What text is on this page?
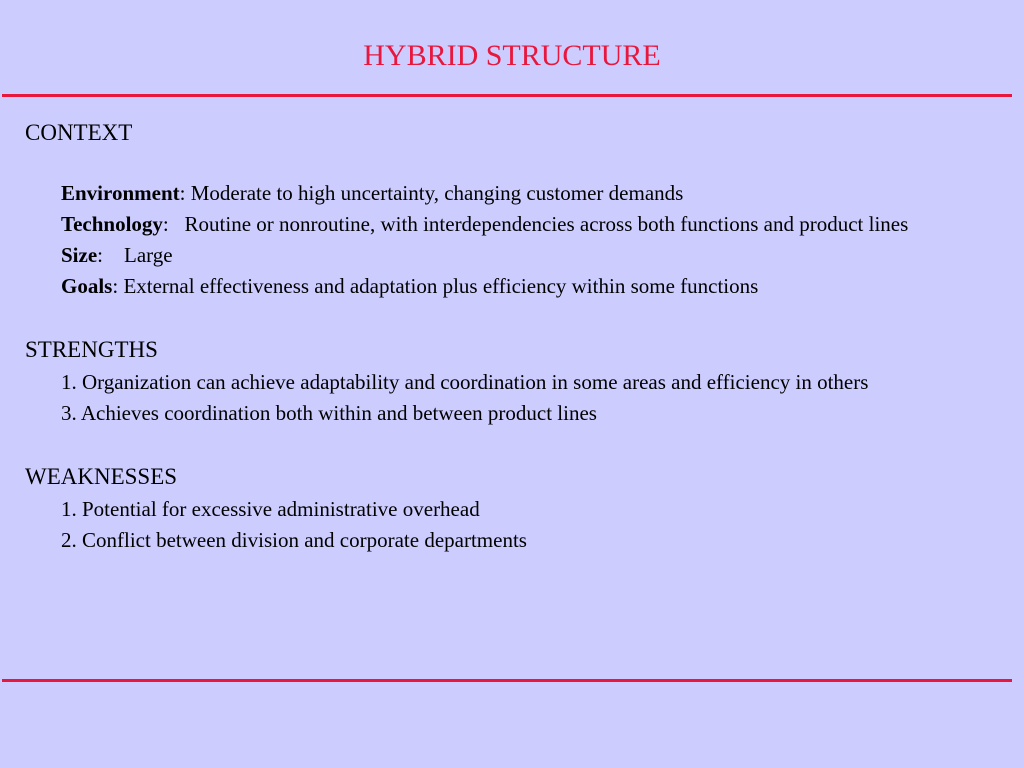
HYBRID STRUCTURE
CONTEXT

Environment: Moderate to high uncertainty, changing customer demands

Technology:   Routine or nonroutine, with interdependencies across both functions and product lines

Size:    Large

Goals: External effectiveness and adaptation plus efficiency within some functions

STRENGTHS

1. Organization can achieve adaptability and coordination in some areas and efficiency in others

3. Achieves coordination both within and between product lines

WEAKNESSES

1. Potential for excessive administrative overhead

2. Conflict between division and corporate departments
